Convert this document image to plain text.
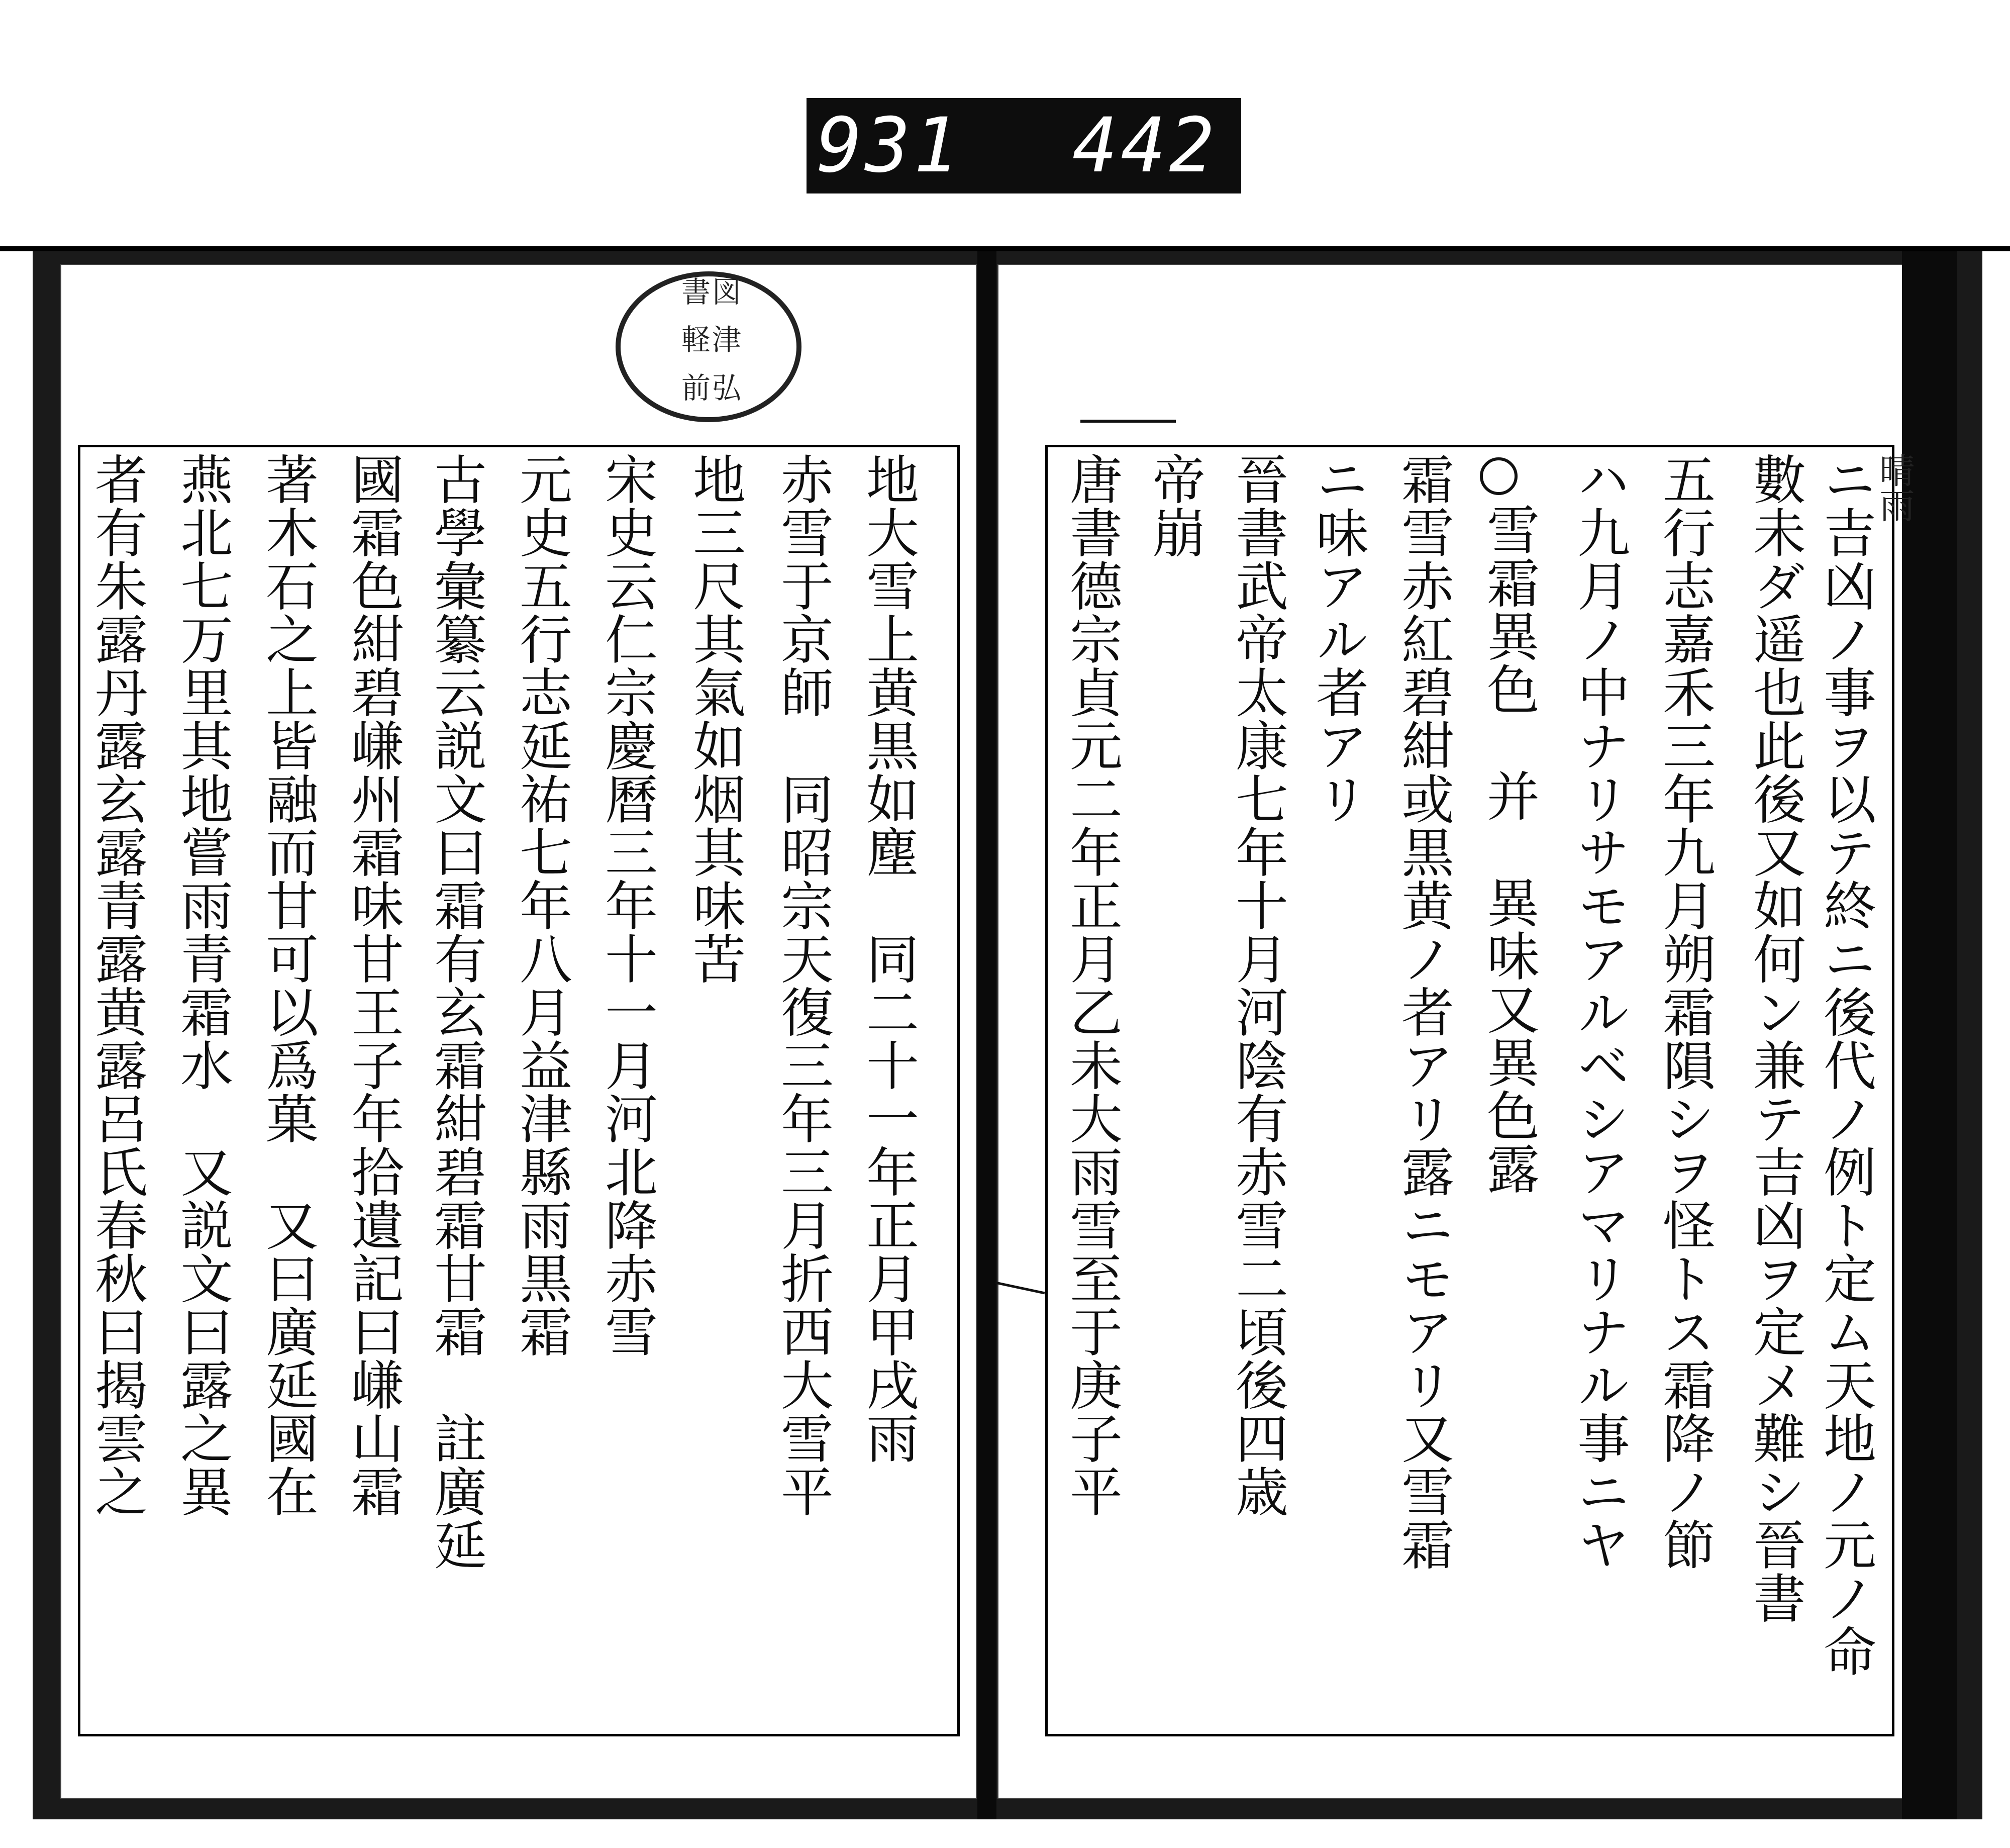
931 442
弘前
津軽
図書
晴雨
ニ吉凶ノ事ヲ以テ終ニ後代ノ例ト定ム天地ノ元ノ命
數未ダ遥也此後又如何ン兼テ吉凶ヲ定メ難シ晉書
五行志嘉禾三年九月朔霜隕シヲ怪トス霜降ノ節
ハ九月ノ中ナリサモアルベシアマリナル事ニヤ
雪霜異色　并　異味又異色露
霜雪赤紅碧紺或黒黄ノ者アリ露ニモアリ又雪霜
ニ味アル者アリ
晉書武帝太康七年十月河陰有赤雪二頃後四歳
帝崩
唐書德宗貞元二年正月乙未大雨雪至于庚子平
地大雪上黄黒如塵　同二十一年正月甲戌雨
赤雪于京師　同昭宗天復三年三月折西大雪平
地三尺其氣如烟其味苦
宋史云仁宗慶曆三年十一月河北降赤雪
元史五行志延祐七年八月益津縣雨黒霜
古學彙纂云説文曰霜有玄霜紺碧霜甘霜　註廣延
國霜色紺碧嵰州霜味甘王子年拾遺記曰嵰山霜
著木石之上皆融而甘可以爲菓　又曰廣延國在
燕北七万里其地嘗雨青霜水　又説文曰露之異
者有朱露丹露玄露青露黄露呂氏春秋曰揭雲之
